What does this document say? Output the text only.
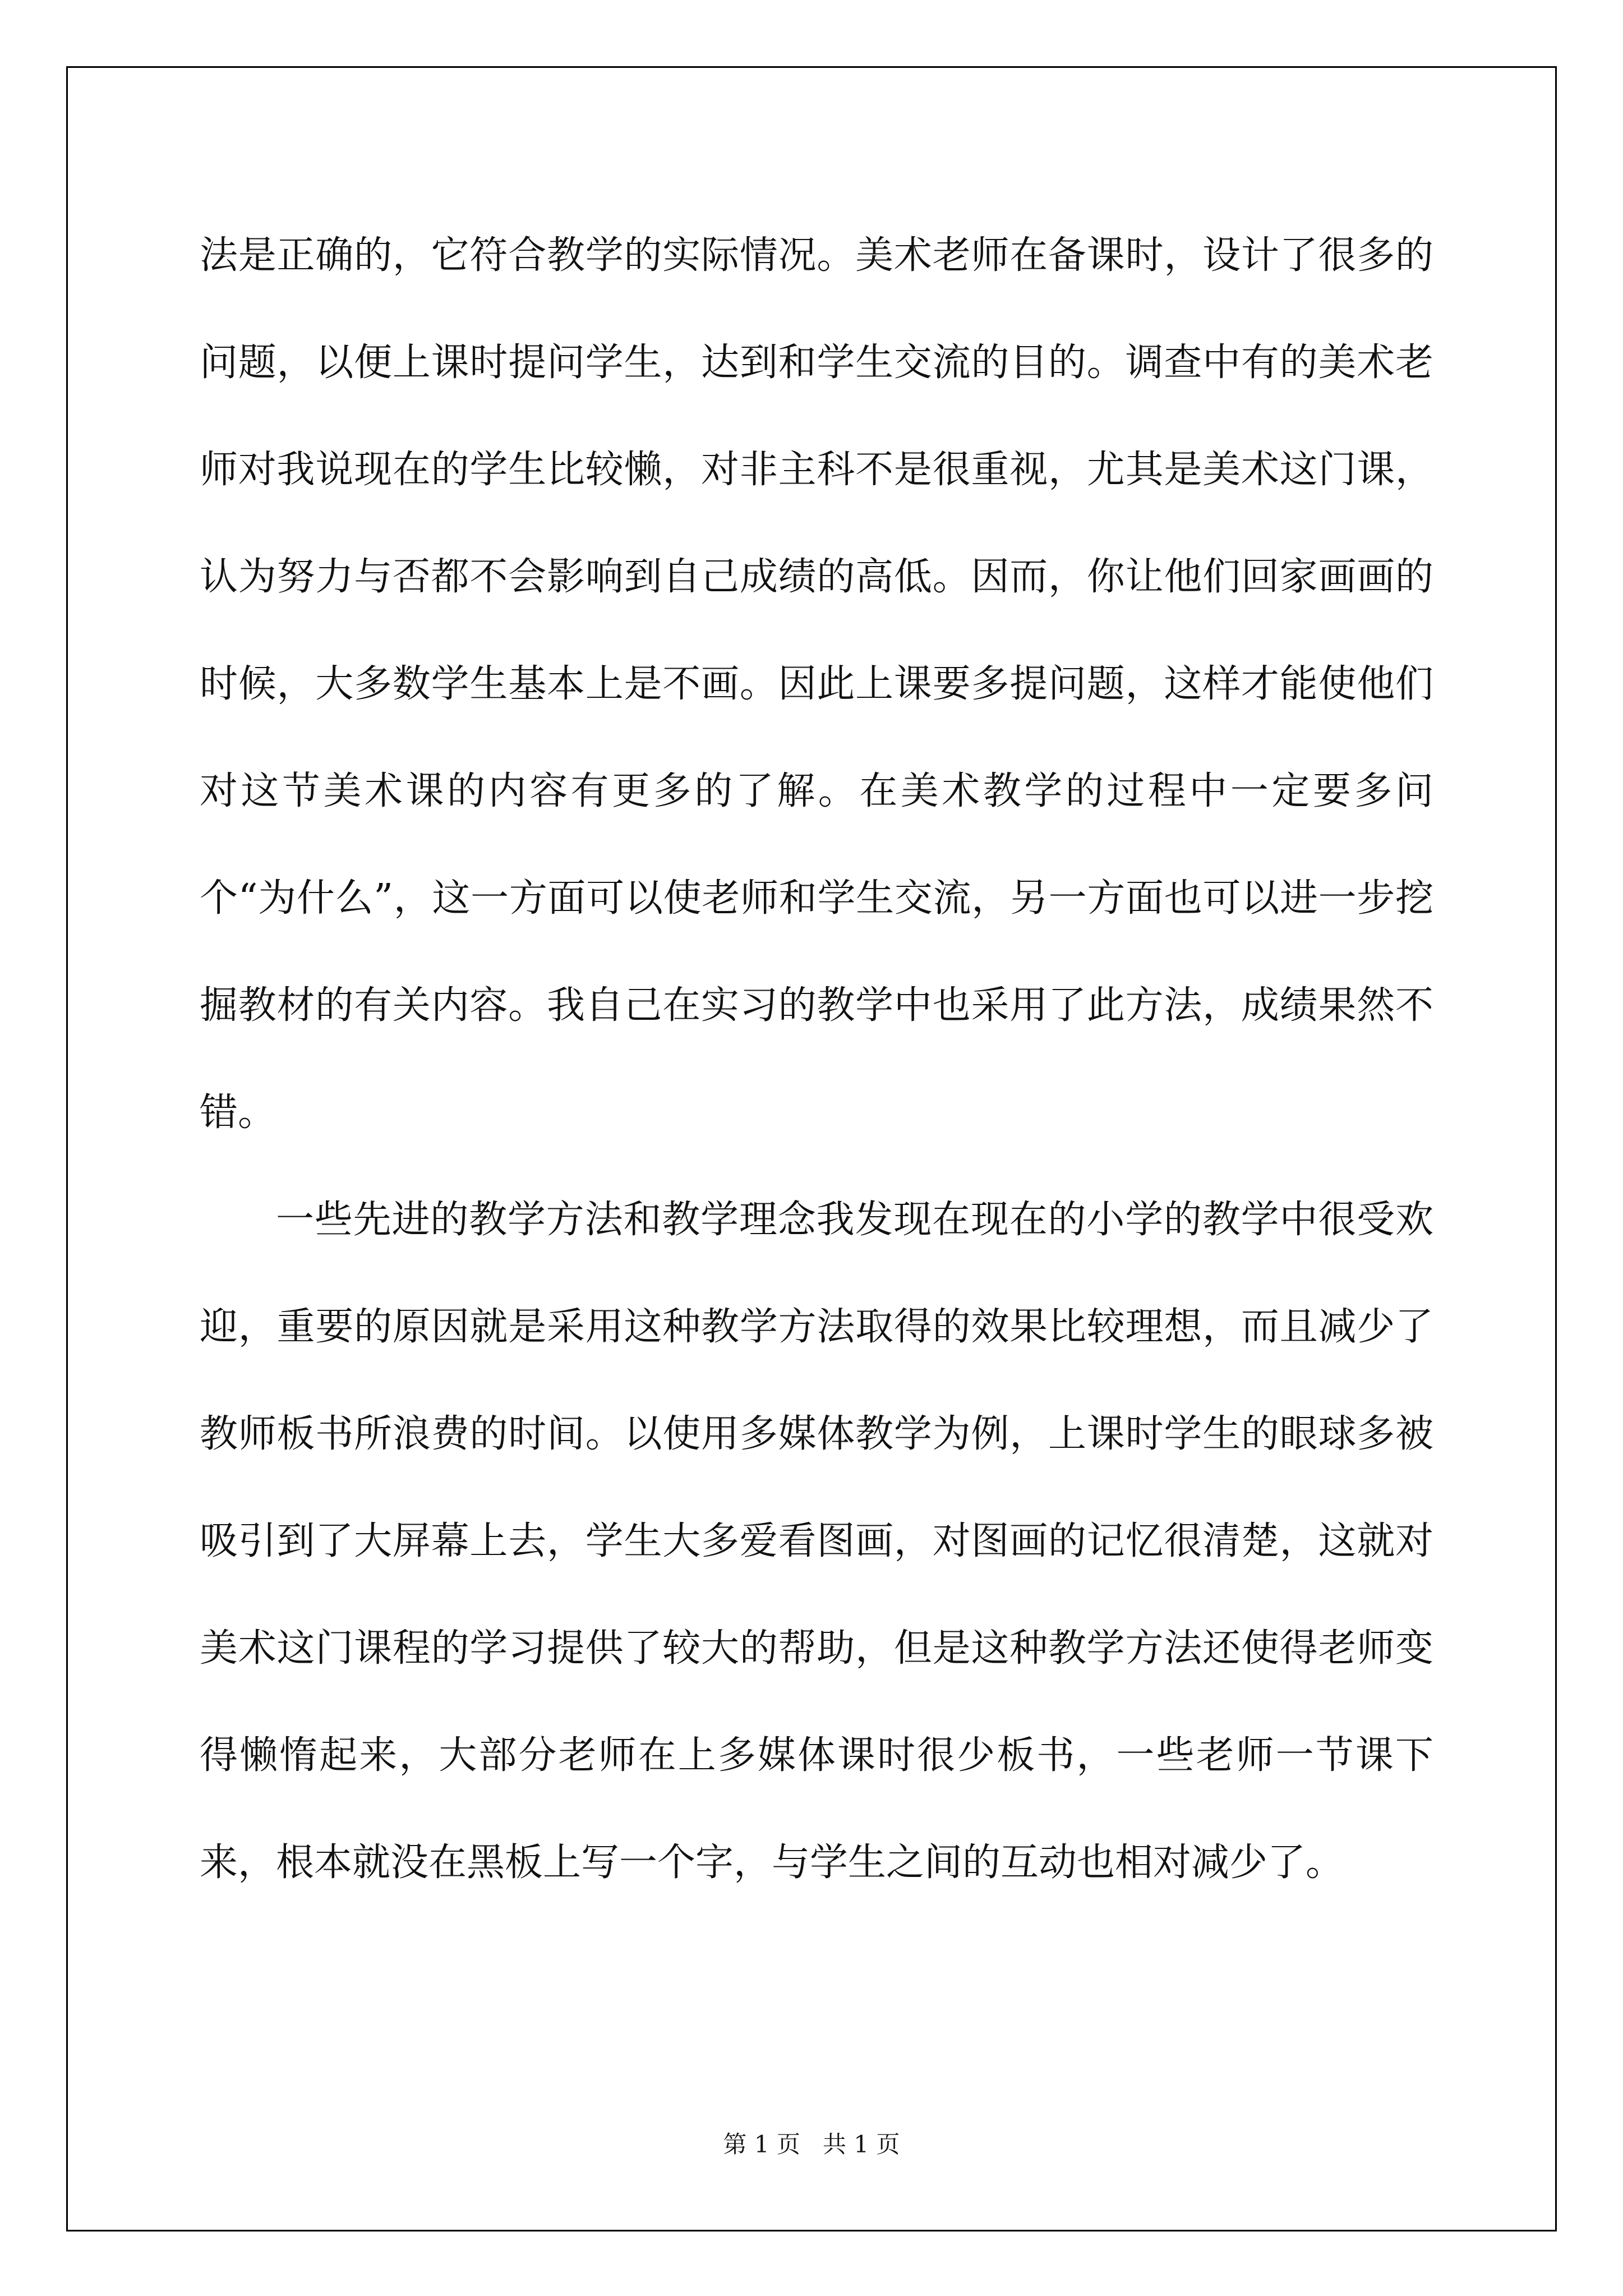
法是正确的，它符合教学的实际情况。美术老师在备课时，设计了很多的问题，以便上课时提问学生，达到和学生交流的目的。调查中有的美术老师对我说现在的学生比较懒，对非主科不是很重视，尤其是美术这门课，认为努力与否都不会影响到自己成绩的高低。因而，你让他们回家画画的时候，大多数学生基本上是不画。因此上课要多提问题，这样才能使他们对这节美术课的内容有更多的了解。在美术教学的过程中一定要多问个“为什么”，这一方面可以使老师和学生交流，另一方面也可以进一步挖掘教材的有关内容。我自己在实习的教学中也采用了此方法，成绩果然不错。

一些先进的教学方法和教学理念我发现在现在的小学的教学中很受欢迎，重要的原因就是采用这种教学方法取得的效果比较理想，而且减少了教师板书所浪费的时间。以使用多媒体教学为例，上课时学生的眼球多被吸引到了大屏幕上去，学生大多爱看图画，对图画的记忆很清楚，这就对美术这门课程的学习提供了较大的帮助，但是这种教学方法还使得老师变得懒惰起来，大部分老师在上多媒体课时很少板书，一些老师一节课下来，根本就没在黑板上写一个字，与学生之间的互动也相对减少了。

第 1 页   共 1 页
